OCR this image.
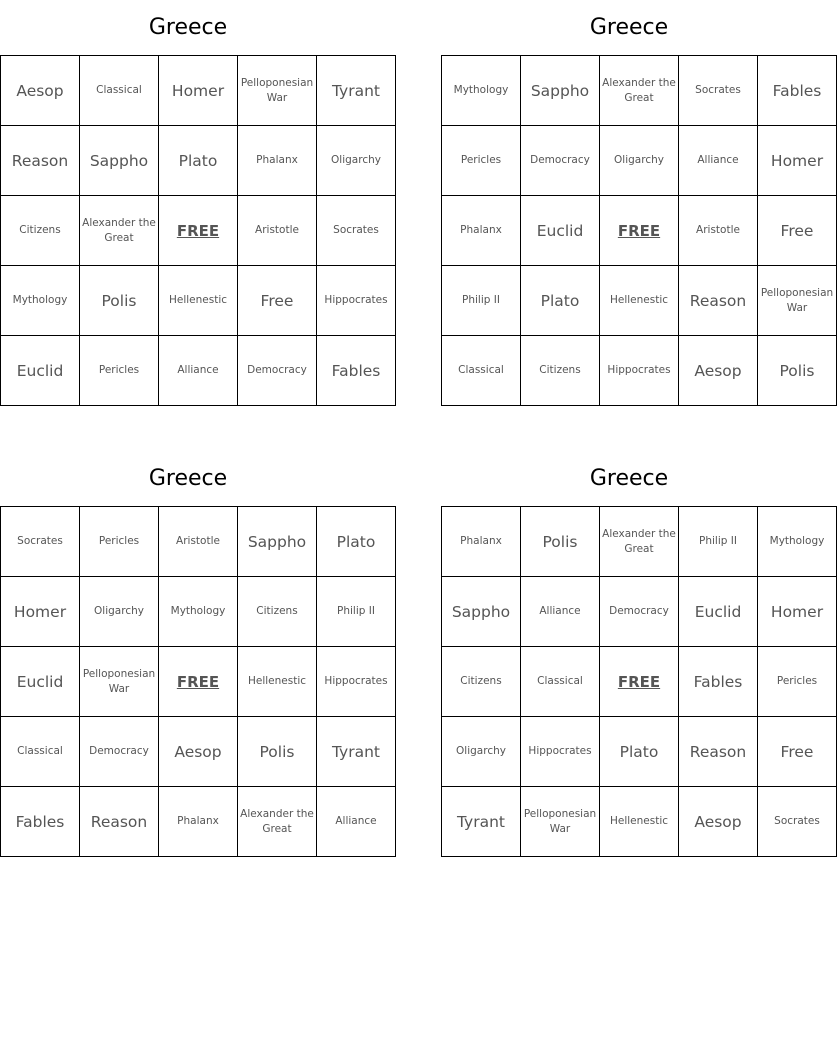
Greece
Aesop	Classical	Homer	Pelloponesian War	Tyrant
Reason	Sappho	Plato	Phalanx	Oligarchy
Citizens	Alexander the Great	FREE	Aristotle	Socrates
Mythology	Polis	Hellenestic	Free	Hippocrates
Euclid	Pericles	Alliance	Democracy	Fables
Greece
Mythology	Sappho	Alexander the Great	Socrates	Fables
Pericles	Democracy	Oligarchy	Alliance	Homer
Phalanx	Euclid	FREE	Aristotle	Free
Philip II	Plato	Hellenestic	Reason	Pelloponesian War
Classical	Citizens	Hippocrates	Aesop	Polis
Greece
Socrates	Pericles	Aristotle	Sappho	Plato
Homer	Oligarchy	Mythology	Citizens	Philip II
Euclid	Pelloponesian War	FREE	Hellenestic	Hippocrates
Classical	Democracy	Aesop	Polis	Tyrant
Fables	Reason	Phalanx	Alexander the Great	Alliance
Greece
Phalanx	Polis	Alexander the Great	Philip II	Mythology
Sappho	Alliance	Democracy	Euclid	Homer
Citizens	Classical	FREE	Fables	Pericles
Oligarchy	Hippocrates	Plato	Reason	Free
Tyrant	Pelloponesian War	Hellenestic	Aesop	Socrates
